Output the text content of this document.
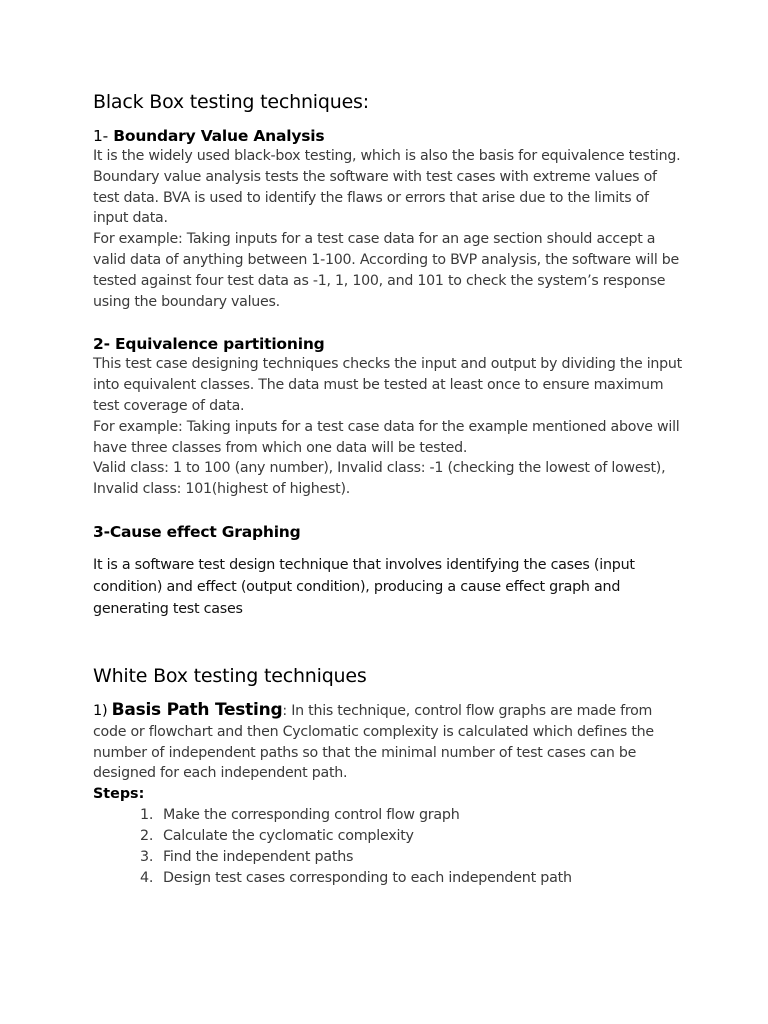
Black Box testing techniques:
1- Boundary Value Analysis

It is the widely used black-box testing, which is also the basis for equivalence testing. Boundary value analysis tests the software with test cases with extreme values of test data. BVA is used to identify the flaws or errors that arise due to the limits of input data.

For example: Taking inputs for a test case data for an age section should accept a valid data of anything between 1-100. According to BVP analysis, the software will be tested against four test data as -1, 1, 100, and 101 to check the system’s response using the boundary values.

2- Equivalence partitioning

This test case designing techniques checks the input and output by dividing the input into equivalent classes. The data must be tested at least once to ensure maximum test coverage of data.

For example: Taking inputs for a test case data for the example mentioned above will have three classes from which one data will be tested.

Valid class: 1 to 100 (any number), Invalid class: -1 (checking the lowest of lowest), Invalid class: 101(highest of highest).

3-Cause effect Graphing

It is a software test design technique that involves identifying the cases (input condition) and effect (output condition), producing a cause effect graph and generating test cases

White Box testing techniques

1) Basis Path Testing: In this technique, control flow graphs are made from code or flowchart and then Cyclomatic complexity is calculated which defines the number of independent paths so that the minimal number of test cases can be designed for each independent path.

Steps:
1. Make the corresponding control flow graph
2. Calculate the cyclomatic complexity
3. Find the independent paths
4. Design test cases corresponding to each independent path
